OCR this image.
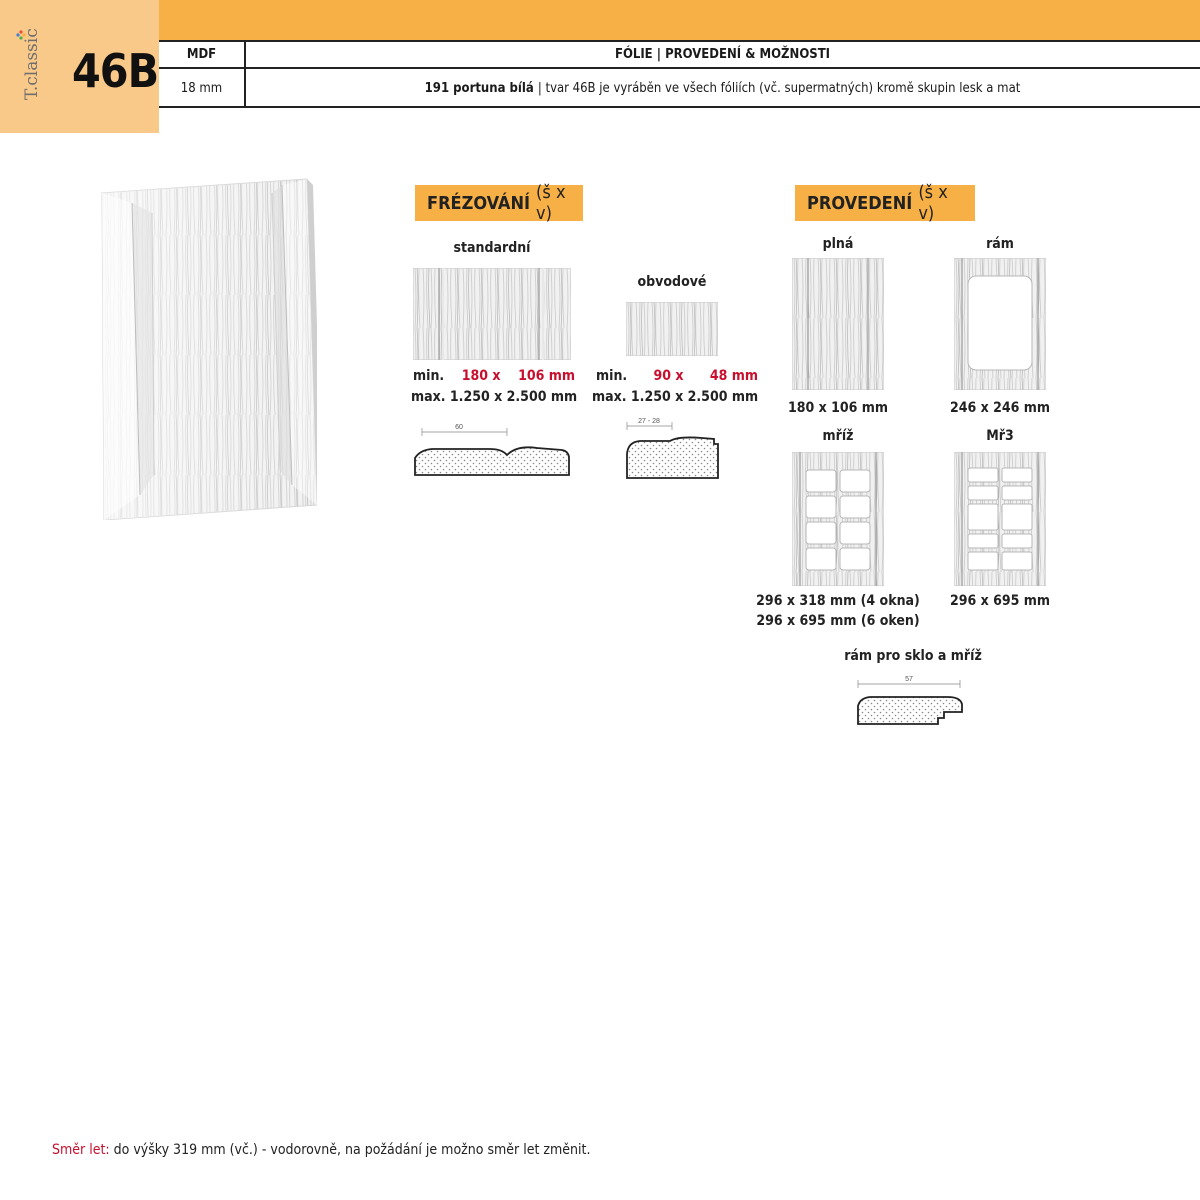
T.classic 46B	MDF	FÓLIE | PROVEDENÍ & MOŽNOSTI
18 mm	191 portuna bílá | tvar 46B je vyráběn ve všech fóliích (vč. supermatných) kromě skupin lesk a mat
FRÉZOVÁNÍ (š x v)
standardní
min. 180 x 106 mm
max. 1.250 x 2.500 mm
60
obvodové
min. 90 x 48 mm
max. 1.250 x 2.500 mm
27 - 28
PROVEDENÍ (š x v)
plná
180 x 106 mm
rám
246 x 246 mm
mříž
296 x 318 mm (4 okna)
296 x 695 mm (6 oken)
Mř3
296 x 695 mm
rám pro sklo a mříž
57
Směr let: do výšky 319 mm (vč.) - vodorovně, na požádání je možno směr let změnit.
